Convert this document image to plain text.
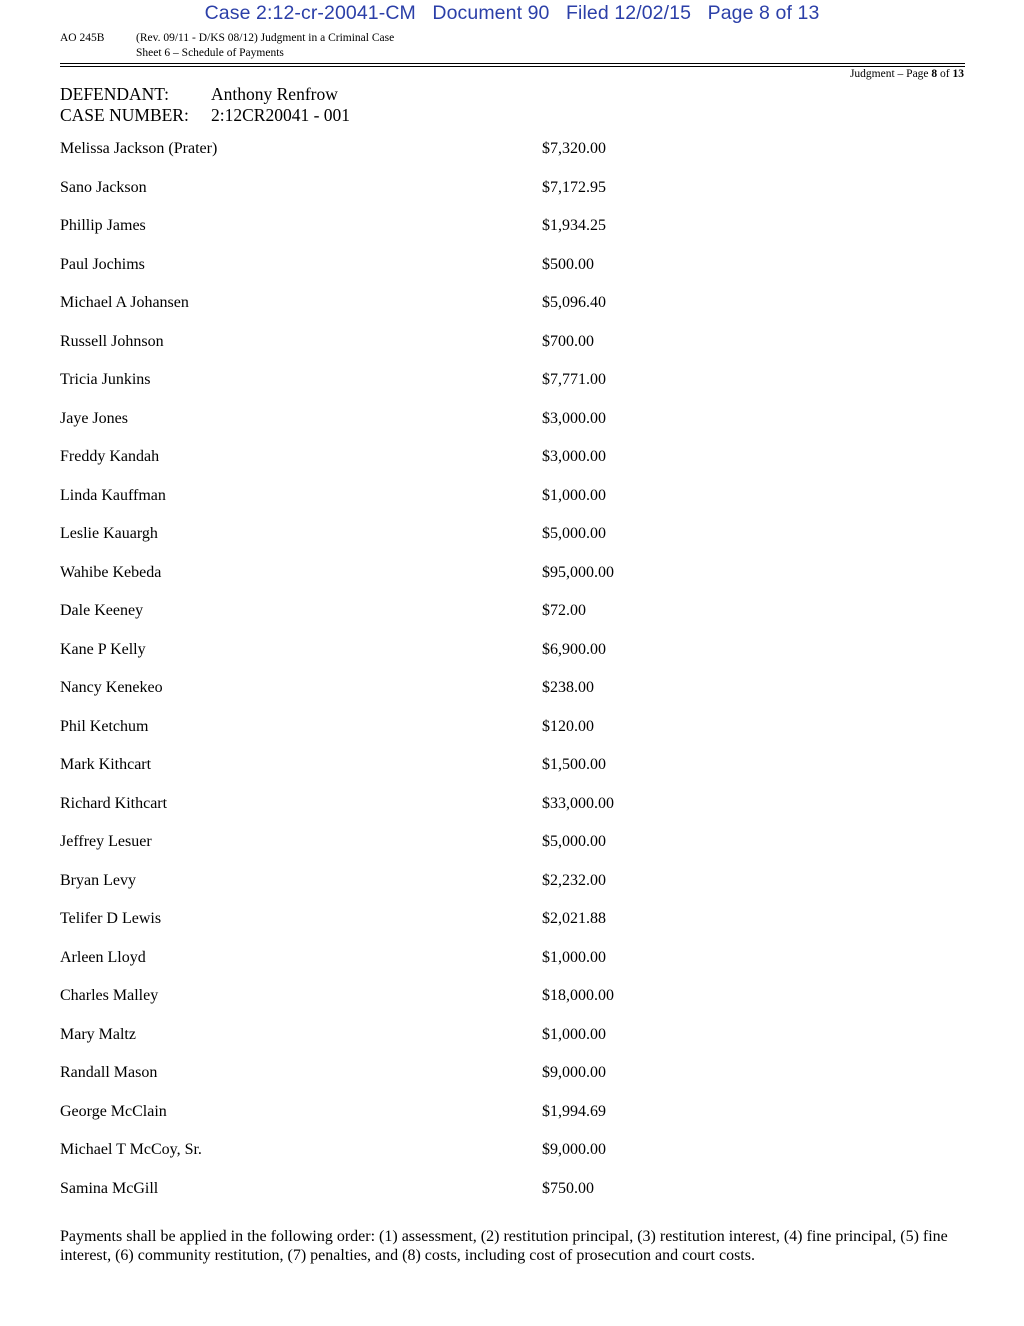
Case 2:12-cr-20041-CM   Document 90   Filed 12/02/15   Page 8 of 13
AO 245B	(Rev. 09/11 - D/KS 08/12) Judgment in a Criminal Case
Sheet 6 – Schedule of Payments
Judgment – Page 8 of 13
DEFENDANT: Anthony Renfrow
CASE NUMBER: 2:12CR20041 - 001
Melissa Jackson (Prater)	$7,320.00
Sano Jackson	$7,172.95
Phillip James	$1,934.25
Paul Jochims	$500.00
Michael A Johansen	$5,096.40
Russell Johnson	$700.00
Tricia Junkins	$7,771.00
Jaye Jones	$3,000.00
Freddy Kandah	$3,000.00
Linda Kauffman	$1,000.00
Leslie Kauargh	$5,000.00
Wahibe Kebeda	$95,000.00
Dale Keeney	$72.00
Kane P Kelly	$6,900.00
Nancy Kenekeo	$238.00
Phil Ketchum	$120.00
Mark Kithcart	$1,500.00
Richard Kithcart	$33,000.00
Jeffrey Lesuer	$5,000.00
Bryan Levy	$2,232.00
Telifer D Lewis	$2,021.88
Arleen Lloyd	$1,000.00
Charles Malley	$18,000.00
Mary Maltz	$1,000.00
Randall Mason	$9,000.00
George McClain	$1,994.69
Michael T McCoy, Sr.	$9,000.00
Samina McGill	$750.00
Payments shall be applied in the following order: (1) assessment, (2) restitution principal, (3) restitution interest, (4) fine principal, (5) fine interest, (6) community restitution, (7) penalties, and (8) costs, including cost of prosecution and court costs.
